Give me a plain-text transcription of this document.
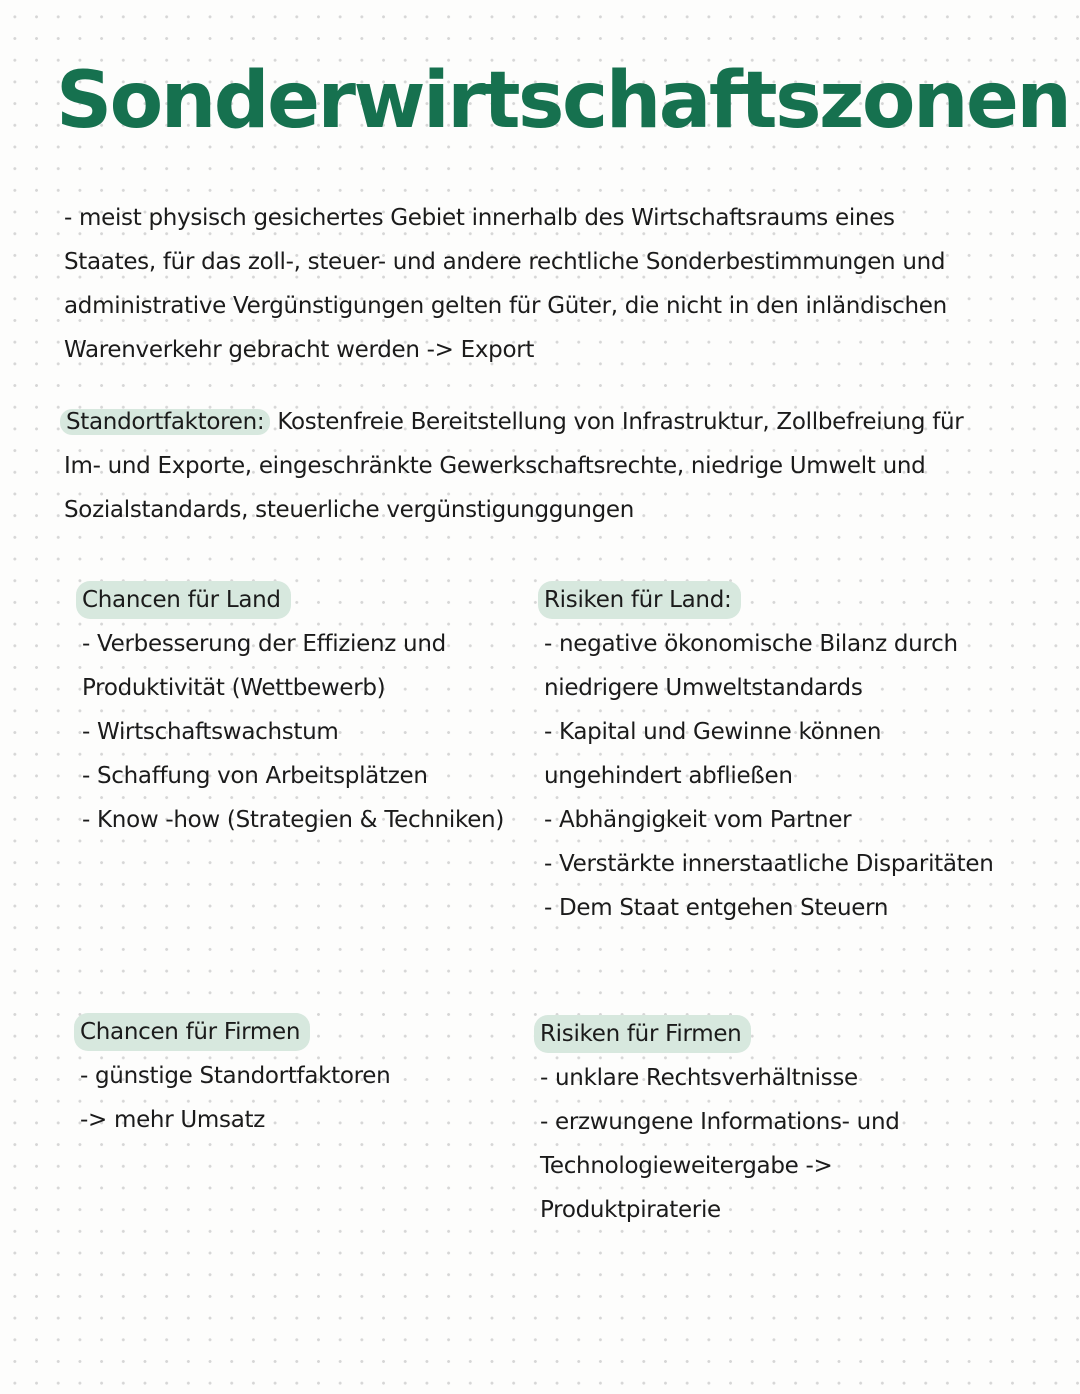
Sonderwirtschaftszonen

- meist physisch gesichertes Gebiet innerhalb des Wirtschaftsraums eines Staates, für das zoll-, steuer- und andere rechtliche Sonderbestimmungen und administrative Vergünstigungen gelten für Güter, die nicht in den inländischen Warenverkehr gebracht werden -> Export

Standortfaktoren: Kostenfreie Bereitstellung von Infrastruktur, Zollbefreiung für Im- und Exporte, eingeschränkte Gewerkschaftsrechte, niedrige Umwelt und Sozialstandards, steuerliche vergünstigunggungen

Chancen für Land
- Verbesserung der Effizienz und Produktivität (Wettbewerb)
- Wirtschaftswachstum
- Schaffung von Arbeitsplätzen
- Know -how (Strategien & Techniken)
Risiken für Land:
- negative ökonomische Bilanz durch niedrigere Umweltstandards
- Kapital und Gewinne können ungehindert abfließen
- Abhängigkeit vom Partner
- Verstärkte innerstaatliche Disparitäten
- Dem Staat entgehen Steuern
Chancen für Firmen
- günstige Standortfaktoren
-> mehr Umsatz
Risiken für Firmen
- unklare Rechtsverhältnisse
- erzwungene Informations- und Technologieweitergabe -> Produktpiraterie
